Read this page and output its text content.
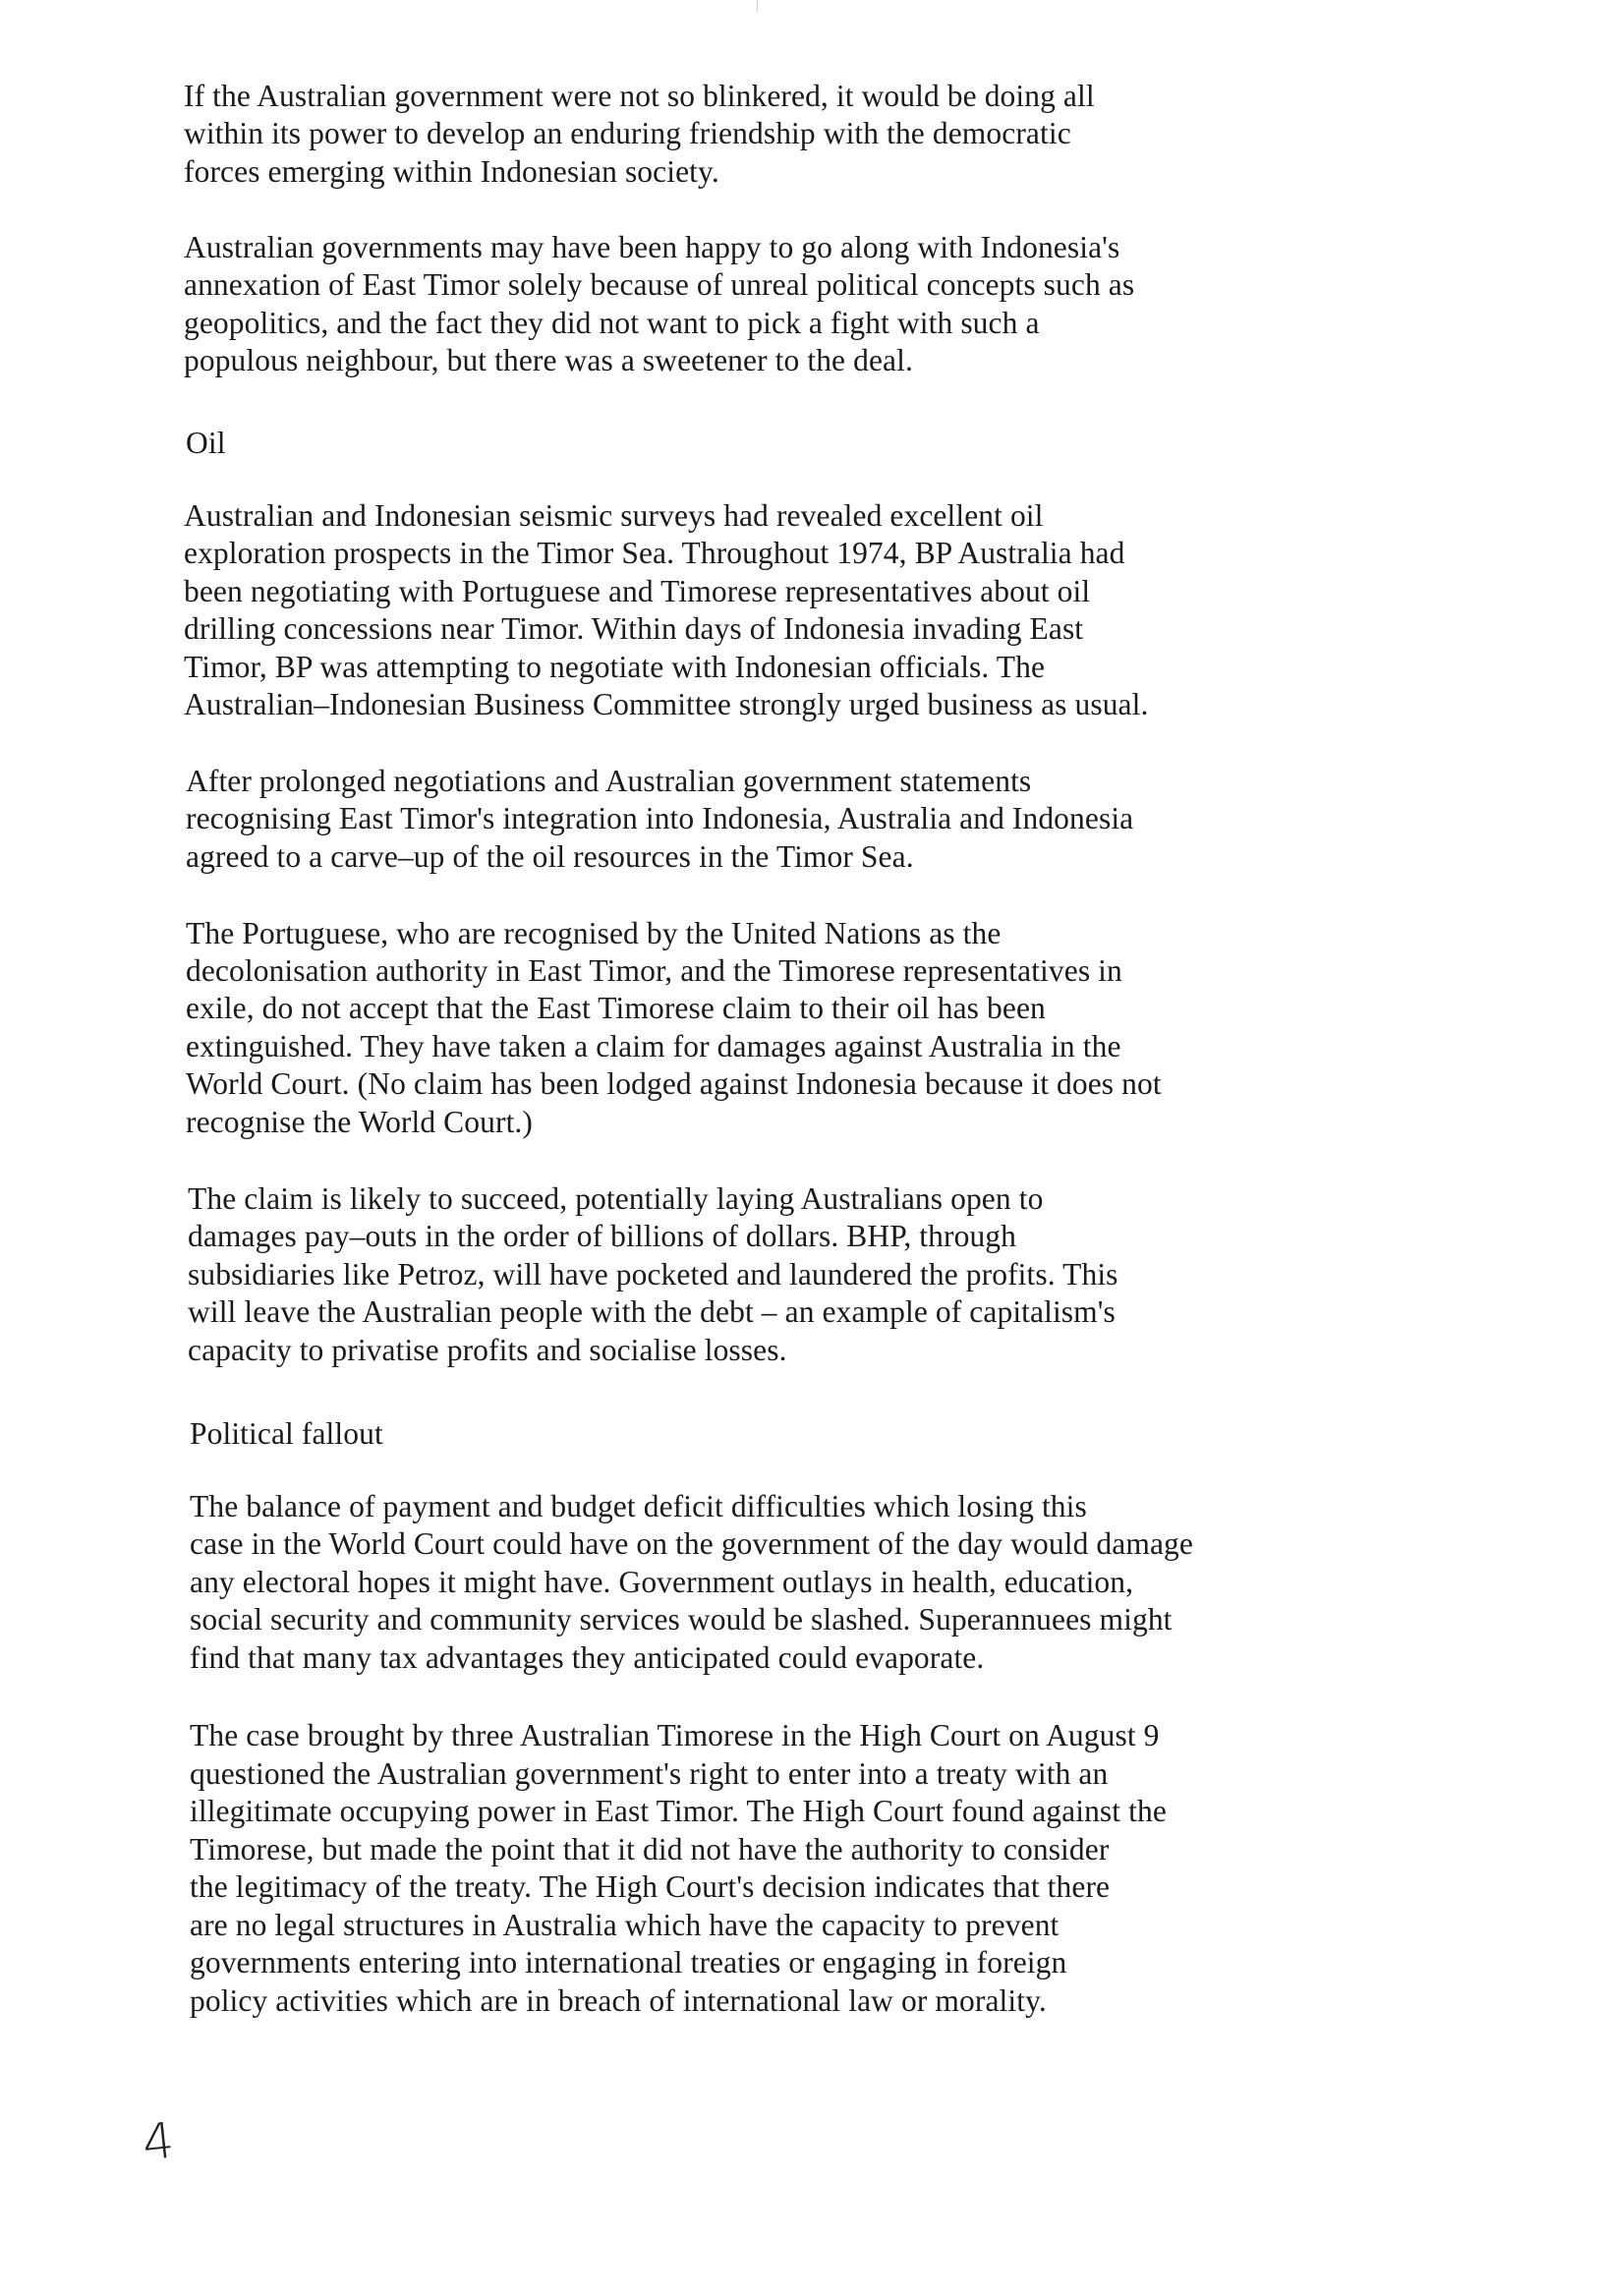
If the Australian government were not so blinkered, it would be doing all
within its power to develop an enduring friendship with the democratic
forces emerging within Indonesian society.
Australian governments may have been happy to go along with Indonesia's
annexation of East Timor solely because of unreal political concepts such as
geopolitics, and the fact they did not want to pick a fight with such a
populous neighbour, but there was a sweetener to the deal.
Oil
Australian and Indonesian seismic surveys had revealed excellent oil
exploration prospects in the Timor Sea. Throughout 1974, BP Australia had
been negotiating with Portuguese and Timorese representatives about oil
drilling concessions near Timor. Within days of Indonesia invading East
Timor, BP was attempting to negotiate with Indonesian officials. The
Australian–Indonesian Business Committee strongly urged business as usual.
After prolonged negotiations and Australian government statements
recognising East Timor's integration into Indonesia, Australia and Indonesia
agreed to a carve–up of the oil resources in the Timor Sea.
The Portuguese, who are recognised by the United Nations as the
decolonisation authority in East Timor, and the Timorese representatives in
exile, do not accept that the East Timorese claim to their oil has been
extinguished. They have taken a claim for damages against Australia in the
World Court. (No claim has been lodged against Indonesia because it does not
recognise the World Court.)
The claim is likely to succeed, potentially laying Australians open to
damages pay–outs in the order of billions of dollars. BHP, through
subsidiaries like Petroz, will have pocketed and laundered the profits. This
will leave the Australian people with the debt – an example of capitalism's
capacity to privatise profits and socialise losses.
Political fallout
The balance of payment and budget deficit difficulties which losing this
case in the World Court could have on the government of the day would damage
any electoral hopes it might have. Government outlays in health, education,
social security and community services would be slashed. Superannuees might
find that many tax advantages they anticipated could evaporate.
The case brought by three Australian Timorese in the High Court on August 9
questioned the Australian government's right to enter into a treaty with an
illegitimate occupying power in East Timor. The High Court found against the
Timorese, but made the point that it did not have the authority to consider
the legitimacy of the treaty. The High Court's decision indicates that there
are no legal structures in Australia which have the capacity to prevent
governments entering into international treaties or engaging in foreign
policy activities which are in breach of international law or morality.
4
